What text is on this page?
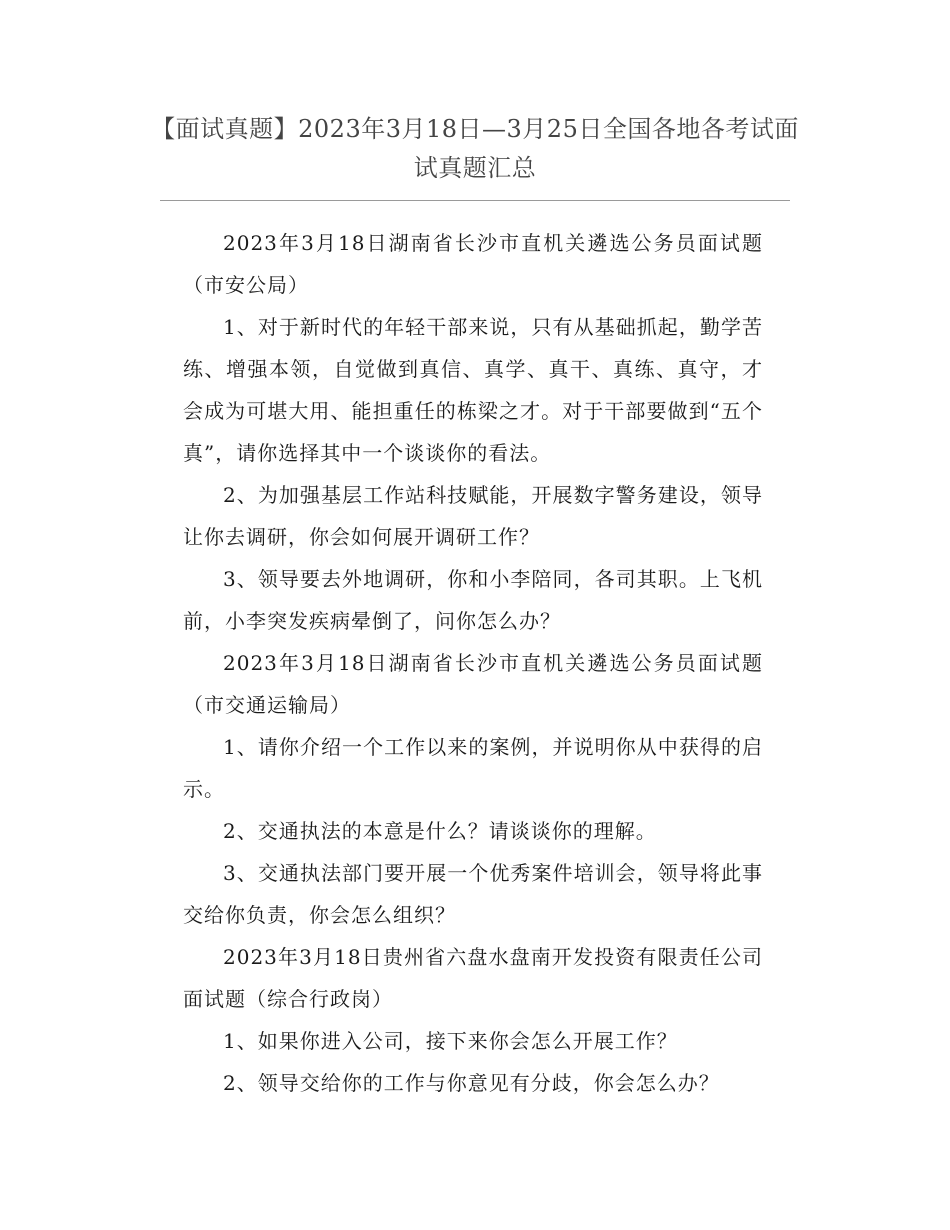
【面试真题】2023年3月18日—3月25日全国各地各考试面试真题汇总

2023年3月18日湖南省长沙市直机关遴选公务员面试题（市安公局）

1、对于新时代的年轻干部来说，只有从基础抓起，勤学苦练、增强本领，自觉做到真信、真学、真干、真练、真守，才会成为可堪大用、能担重任的栋梁之才。对于干部要做到“五个真”，请你选择其中一个谈谈你的看法。

2、为加强基层工作站科技赋能，开展数字警务建设，领导让你去调研，你会如何展开调研工作？

3、领导要去外地调研，你和小李陪同，各司其职。上飞机前，小李突发疾病晕倒了，问你怎么办？

2023年3月18日湖南省长沙市直机关遴选公务员面试题（市交通运输局）

1、请你介绍一个工作以来的案例，并说明你从中获得的启示。

2、交通执法的本意是什么？请谈谈你的理解。

3、交通执法部门要开展一个优秀案件培训会，领导将此事交给你负责，你会怎么组织？

2023年3月18日贵州省六盘水盘南开发投资有限责任公司面试题（综合行政岗）

1、如果你进入公司，接下来你会怎么开展工作？

2、领导交给你的工作与你意见有分歧，你会怎么办？
